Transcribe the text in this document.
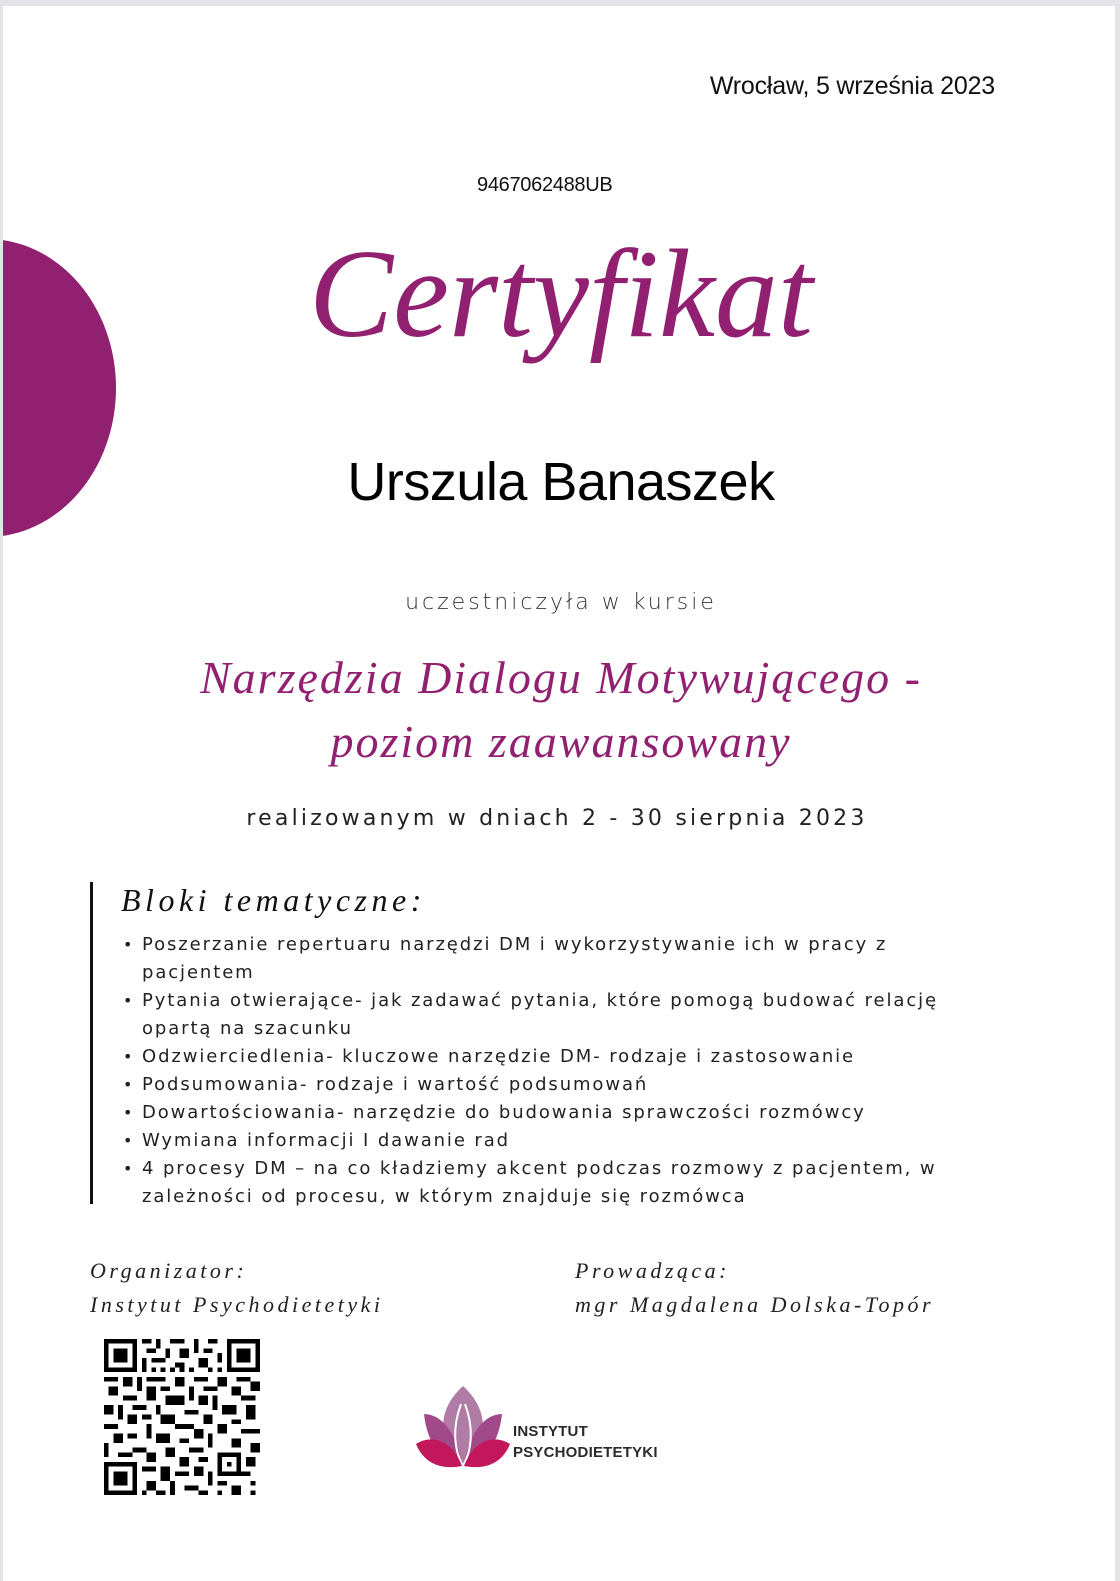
Wrocław, 5 września 2023
9467062488UB
Certyfikat
Urszula Banaszek
uczestniczyła w kursie
Narzędzia Dialogu Motywującego -
poziom zaawansowany
realizowanym w dniach 2 - 30 sierpnia 2023
Bloki tematyczne:
• Poszerzanie repertuaru narzędzi DM i wykorzystywanie ich w pracy z pacjentem
• Pytania otwierające- jak zadawać pytania, które pomogą budować relację opartą na szacunku
• Odzwierciedlenia- kluczowe narzędzie DM- rodzaje i zastosowanie
• Podsumowania- rodzaje i wartość podsumowań
• Dowartościowania- narzędzie do budowania sprawczości rozmówcy
• Wymiana informacji I dawanie rad
• 4 procesy DM – na co kładziemy akcent podczas rozmowy z pacjentem, w zależności od procesu, w którym znajduje się rozmówca
Organizator:
Instytut Psychodietetyki
Prowadząca:
mgr Magdalena Dolska-Topór
INSTYTUT
PSYCHODIETETYKI
